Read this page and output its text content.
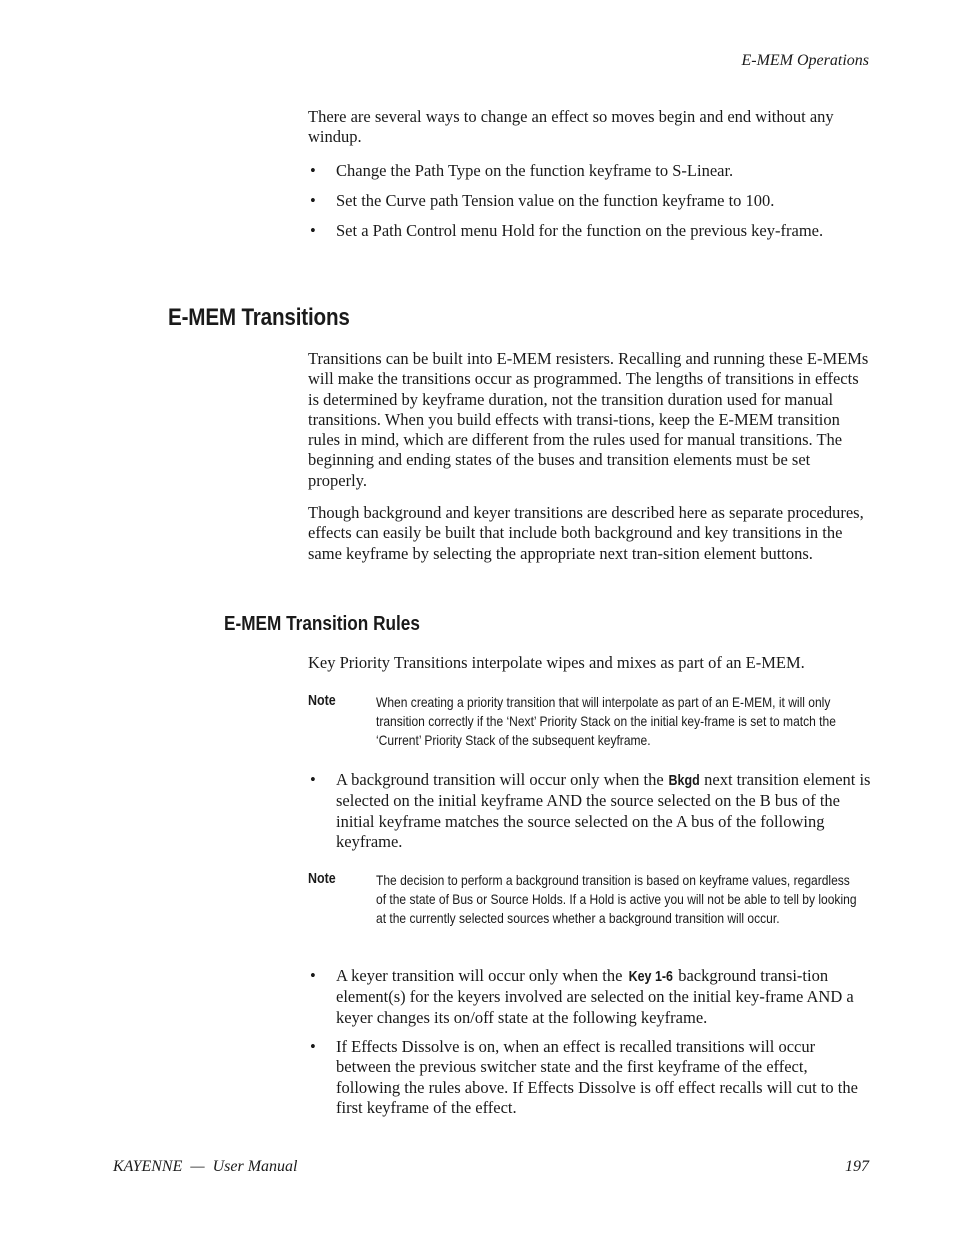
E-MEM Operations

There are several ways to change an effect so moves begin and end without any windup.

• Change the Path Type on the function keyframe to S-Linear.
• Set the Curve path Tension value on the function keyframe to 100.
• Set a Path Control menu Hold for the function on the previous key-frame.
E-MEM Transitions

Transitions can be built into E-MEM resisters. Recalling and running these E-MEMs will make the transitions occur as programmed. The lengths of transitions in effects is determined by keyframe duration, not the transition duration used for manual transitions. When you build effects with transi-tions, keep the E-MEM transition rules in mind, which are different from the rules used for manual transitions. The beginning and ending states of the buses and transition elements must be set properly.

Though background and keyer transitions are described here as separate procedures, effects can easily be built that include both background and key transitions in the same keyframe by selecting the appropriate next tran-sition element buttons.

E-MEM Transition Rules

Key Priority Transitions interpolate wipes and mixes as part of an E-MEM.

Note	When creating a priority transition that will interpolate as part of an E-MEM, it will only transition correctly if the ‘Next’ Priority Stack on the initial key-frame is set to match the ‘Current’ Priority Stack of the subsequent keyframe.
• A background transition will occur only when the Bkgd next transition element is selected on the initial keyframe AND the source selected on the B bus of the initial keyframe matches the source selected on the A bus of the following keyframe.
Note	The decision to perform a background transition is based on keyframe values, regardless of the state of Bus or Source Holds. If a Hold is active you will not be able to tell by looking at the currently selected sources whether a background transition will occur.
• A keyer transition will occur only when the Key 1-6 background transi-tion element(s) for the keyers involved are selected on the initial key-frame AND a keyer changes its on/off state at the following keyframe.
• If Effects Dissolve is on, when an effect is recalled transitions will occur between the previous switcher state and the first keyframe of the effect, following the rules above. If Effects Dissolve is off effect recalls will cut to the first keyframe of the effect.
KAYENNE  —  User Manual	197
